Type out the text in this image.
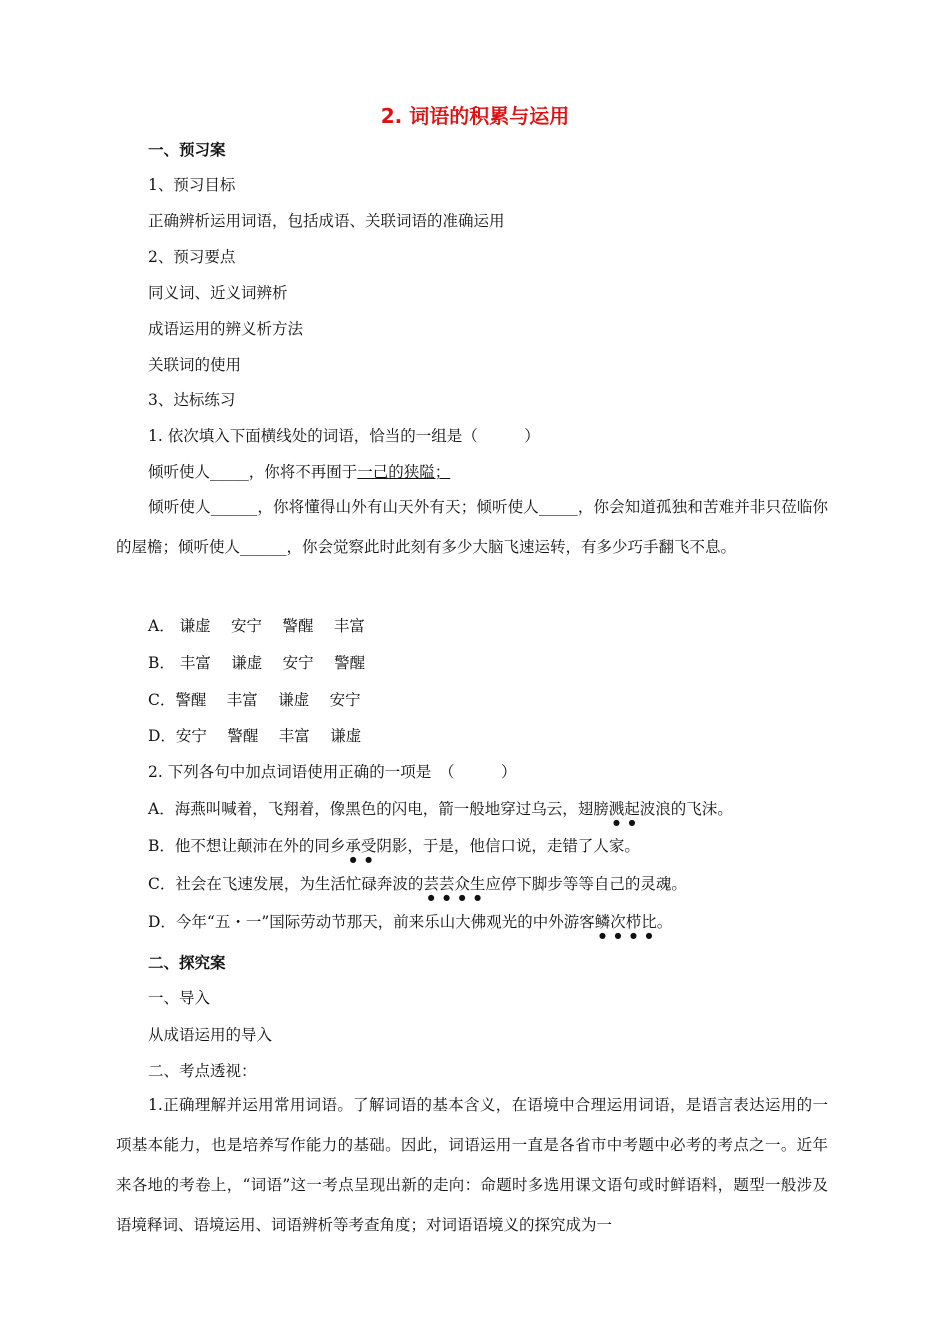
2. 词语的积累与运用
一、预习案
1、预习目标
正确辨析运用词语，包括成语、关联词语的准确运用
2、预习要点
同义词、近义词辨析
成语运用的辨义析方法
关联词的使用
3、达标练习
1. 依次填入下面横线处的词语，恰当的一组是（　　　）
倾听使人_____，你将不再囿于一己的狭隘；
倾听使人______，你将懂得山外有山天外有天；倾听使人_____，你会知道孤独和苦难并非只莅临你的屋檐；倾听使人______，你会觉察此时此刻有多少大脑飞速运转，有多少巧手翻飞不息。
A． 谦虚　 安宁　 警醒　 丰富
B． 丰富　 谦虚　 安宁　 警醒
C．警醒　 丰富　 谦虚　 安宁
D．安宁　 警醒　 丰富　 谦虚
2. 下列各句中加点词语使用正确的一项是　（　　　）
A．海燕叫喊着，飞翔着，像黑色的闪电，箭一般地穿过乌云，翅膀溅起波浪的飞沫。
B．他不想让颠沛在外的同乡承受阴影，于是，他信口说，走错了人家。
C．社会在飞速发展，为生活忙碌奔波的芸芸众生应停下脚步等等自己的灵魂。
D．今年“五・一”国际劳动节那天，前来乐山大佛观光的中外游客鳞次栉比。
二、探究案
一、导入
从成语运用的导入
二、考点透视：
1.正确理解并运用常用词语。了解词语的基本含义，在语境中合理运用词语，是语言表达运用的一项基本能力，也是培养写作能力的基础。因此，词语运用一直是各省市中考题中必考的考点之一。近年来各地的考卷上，“词语”这一考点呈现出新的走向：命题时多选用课文语句或时鲜语料，题型一般涉及语境释词、语境运用、词语辨析等考查角度；对词语语境义的探究成为一
